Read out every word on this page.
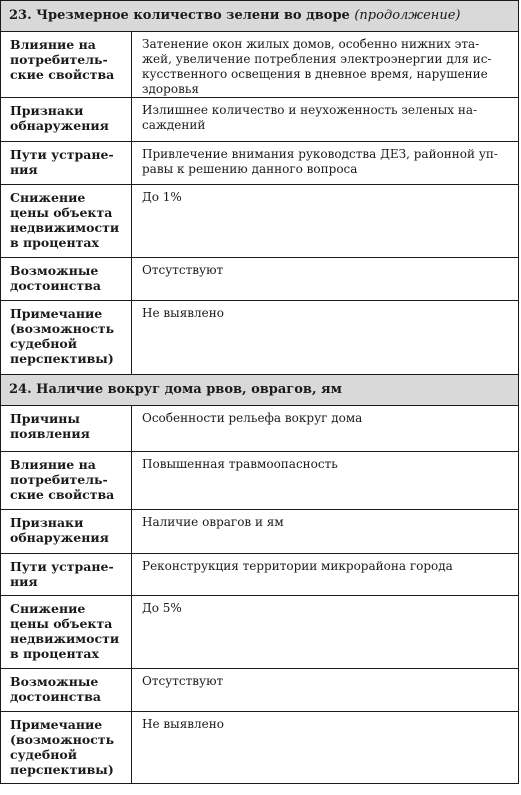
23. Чрезмерное количество зелени во дворе (продолжение)
Влияние на
потребитель-
ские свойства
Затенение окон жилых домов, особенно нижних эта-
жей, увеличение потребления электроэнергии для ис-
кусственного освещения в дневное время, нарушение
здоровья
Признаки
обнаружения
Излишнее количество и неухоженность зеленых на-
саждений
Пути устране-
ния
Привлечение внимания руководства ДЕЗ, районной уп-
равы к решению данного вопроса
Снижение
цены объекта
недвижимости
в процентах
До 1%
Возможные
достоинства
Отсутствуют
Примечание
(возможность
судебной
перспективы)
Не выявлено
24. Наличие вокруг дома рвов, оврагов, ям
Причины
появления
Особенности рельефа вокруг дома
Влияние на
потребитель-
ские свойства
Повышенная травмоопасность
Признаки
обнаружения
Наличие оврагов и ям
Пути устране-
ния
Реконструкция территории микрорайона города
Снижение
цены объекта
недвижимости
в процентах
До 5%
Возможные
достоинства
Отсутствуют
Примечание
(возможность
судебной
перспективы)
Не выявлено
